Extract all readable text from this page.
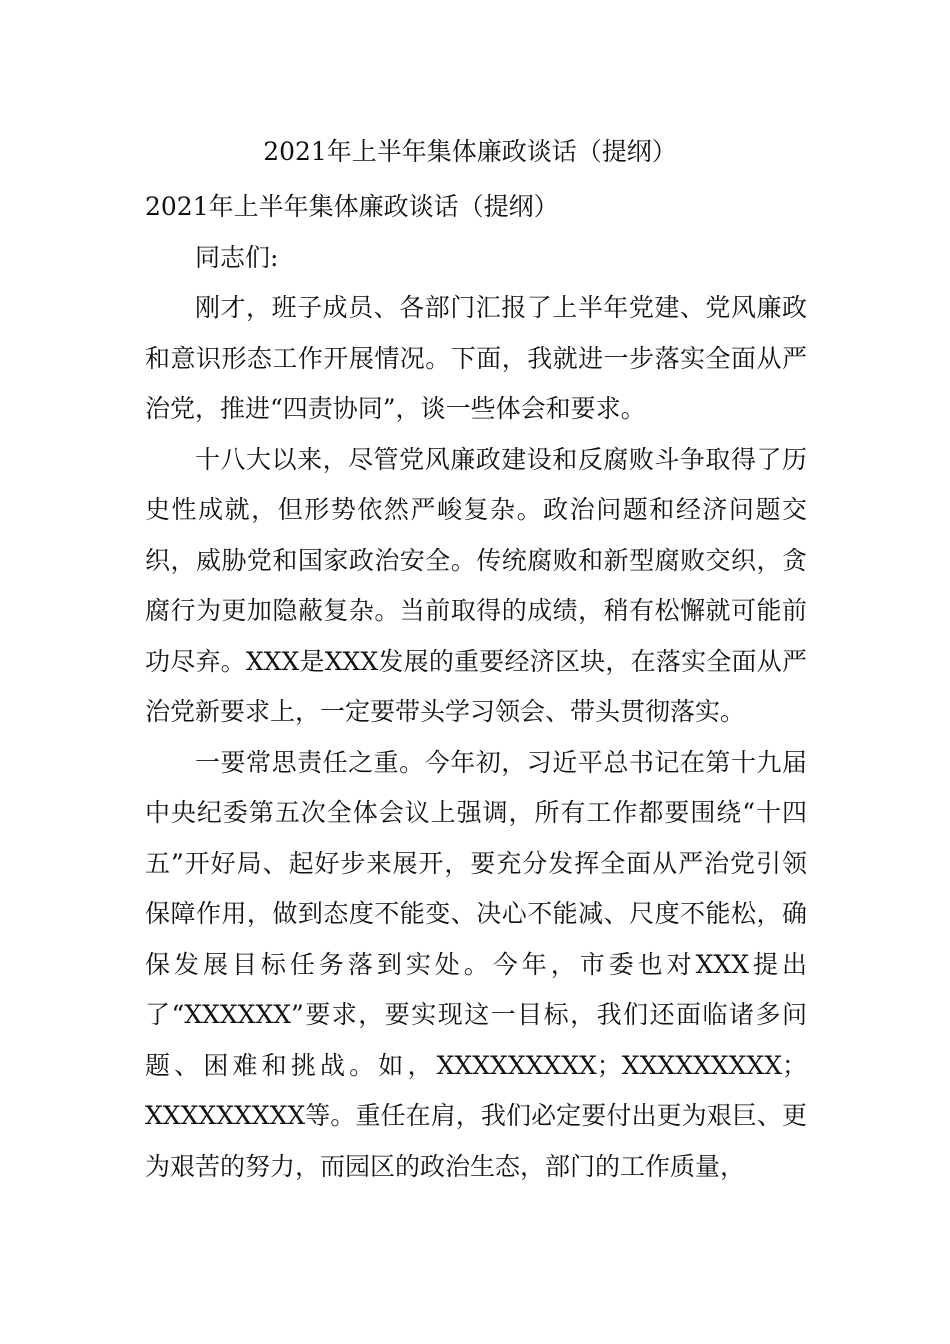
2021年上半年集体廉政谈话（提纲）

2021年上半年集体廉政谈话（提纲）

同志们:

刚才，班子成员、各部门汇报了上半年党建、党风廉政和意识形态工作开展情况。下面，我就进一步落实全面从严治党，推进“四责协同”，谈一些体会和要求。

十八大以来，尽管党风廉政建设和反腐败斗争取得了历史性成就，但形势依然严峻复杂。政治问题和经济问题交织，威胁党和国家政治安全。传统腐败和新型腐败交织，贪腐行为更加隐蔽复杂。当前取得的成绩，稍有松懈就可能前功尽弃。XXX是XXX发展的重要经济区块，在落实全面从严治党新要求上，一定要带头学习领会、带头贯彻落实。

一要常思责任之重。今年初，习近平总书记在第十九届中央纪委第五次全体会议上强调，所有工作都要围绕“十四五”开好局、起好步来展开，要充分发挥全面从严治党引领保障作用，做到态度不能变、决心不能减、尺度不能松，确保发展目标任务落到实处。今年，市委也对XXX提出了“XXXXXX”要求，要实现这一目标，我们还面临诸多问题、困难和挑战。如，XXXXXXXXX；XXXXXXXXX；XXXXXXXXX等。重任在肩，我们必定要付出更为艰巨、更为艰苦的努力，而园区的政治生态，部门的工作质量，
